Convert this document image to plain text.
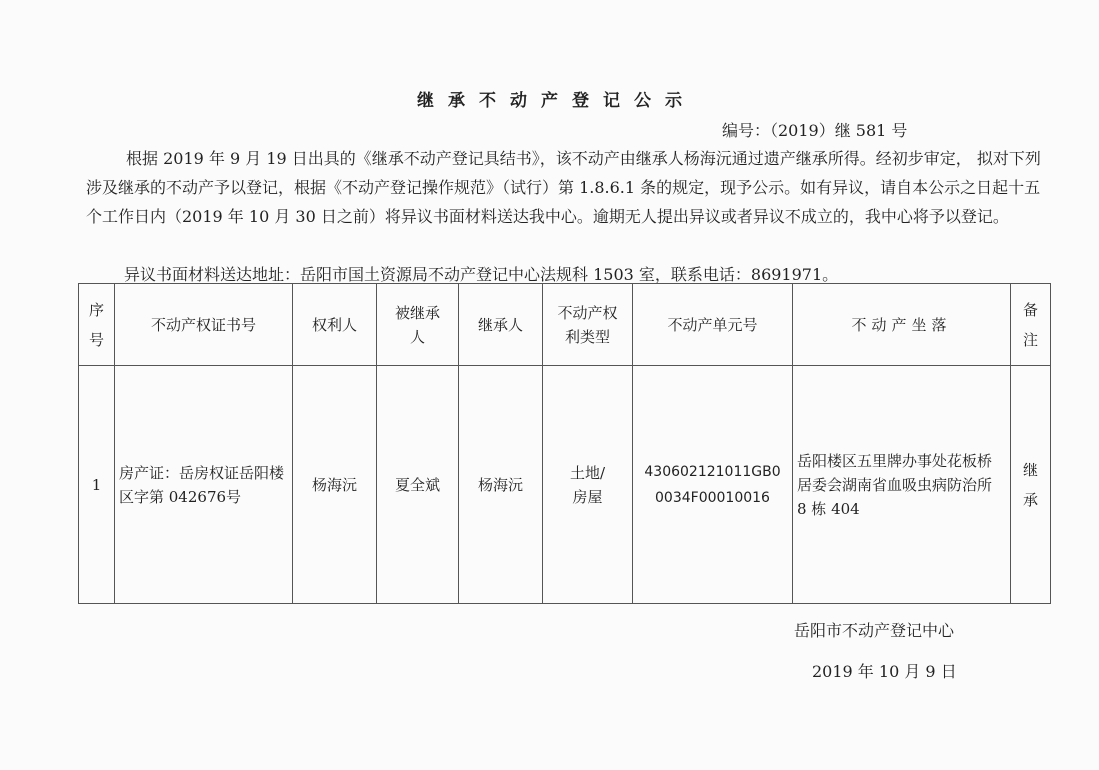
继承不动产登记公示
编号：（2019）继 581 号

根据 2019 年 9 月 19 日出具的《继承不动产登记具结书》，该不动产由继承人杨海沅通过遗产继承所得。经初步审定， 拟对下列涉及继承的不动产予以登记，根据《不动产登记操作规范》（试行）第 1.8.6.1 条的规定，现予公示。如有异议，请自本公示之日起十五个工作日内（2019 年 10 月 30 日之前）将异议书面材料送达我中心。逾期无人提出异议或者异议不成立的，我中心将予以登记。

异议书面材料送达地址：岳阳市国土资源局不动产登记中心法规科 1503 室，联系电话：8691971。
序号	不动产权证书号	权利人	被继承人	继承人	不动产权利类型	不动产单元号	不动产坐落	备注
1	房产证：岳房权证岳阳楼区字第 042676号	杨海沅	夏全斌	杨海沅	土地/房屋	430602121011GB00034F00010016	岳阳楼区五里牌办事处花板桥居委会湖南省血吸虫病防治所 8 栋 404	继承
岳阳市不动产登记中心
2019 年 10 月 9 日
